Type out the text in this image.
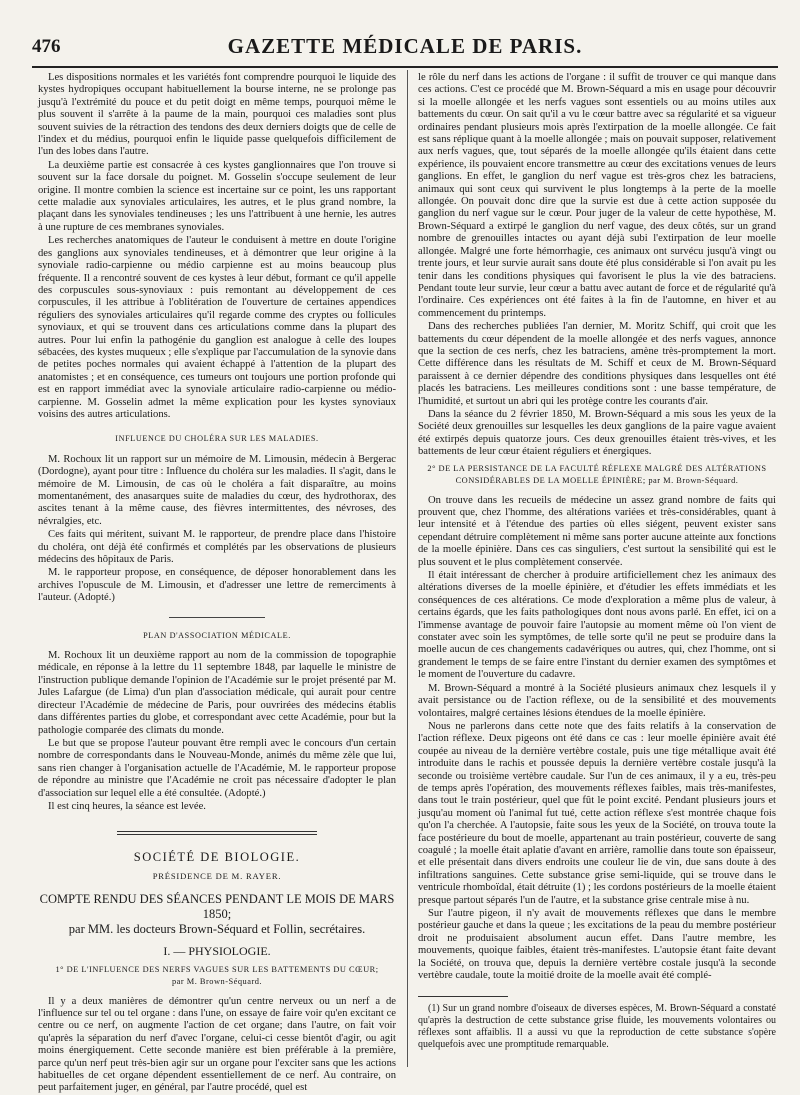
476	GAZETTE MÉDICALE DE PARIS.

Les dispositions normales et les variétés font comprendre pourquoi le liquide des kystes hydropiques occupant habituellement la bourse interne, ne se prolonge pas jusqu'à l'extrémité du pouce et du petit doigt en même temps, pourquoi même le plus souvent il s'arrête à la paume de la main, pourquoi ces maladies sont plus souvent suivies de la rétraction des tendons des deux derniers doigts que de celle de l'index et du médius, pourquoi enfin le liquide passe quelquefois difficilement de l'un des lobes dans l'autre.

La deuxième partie est consacrée à ces kystes ganglionnaires que l'on trouve si souvent sur la face dorsale du poignet. M. Gosselin s'occupe seulement de leur origine. Il montre combien la science est incertaine sur ce point, les uns rapportant cette maladie aux synoviales articulaires, les autres, et le plus grand nombre, la plaçant dans les synoviales tendineuses ; les uns l'attribuent à une hernie, les autres à une rupture de ces membranes synoviales.

Les recherches anatomiques de l'auteur le conduisent à mettre en doute l'origine des ganglions aux synoviales tendineuses, et à démontrer que leur origine à la synoviale radio-carpienne ou médio carpienne est au moins beaucoup plus fréquente. Il a rencontré souvent de ces kystes à leur début, formant ce qu'il appelle des corpuscules sous-synoviaux : puis remontant au développement de ces corpuscules, il les attribue à l'oblitération de l'ouverture de certaines appendices réguliers des synoviales articulaires qu'il regarde comme des cryptes ou follicules synoviaux, et qui se trouvent dans ces articulations comme dans la plupart des autres. Pour lui enfin la pathogénie du ganglion est analogue à celle des loupes sébacées, des kystes muqueux ; elle s'explique par l'accumulation de la synovie dans de petites poches normales qui avaient échappé à l'attention de la plupart des anatomistes ; et en conséquence, ces tumeurs ont toujours une portion profonde qui est en rapport immédiat avec la synoviale articulaire radio-carpienne ou médio-carpienne. M. Gosselin admet la même explication pour les kystes synoviaux voisins des autres articulations.

INFLUENCE DU CHOLÉRA SUR LES MALADIES.

M. Rochoux lit un rapport sur un mémoire de M. Limousin, médecin à Bergerac (Dordogne), ayant pour titre : Influence du choléra sur les maladies. Il s'agit, dans le mémoire de M. Limousin, de cas où le choléra a fait disparaître, au moins momentanément, des anasarques suite de maladies du cœur, des hydrothorax, des ascites tenant à la même cause, des fièvres intermittentes, des névroses, des névralgies, etc.

Ces faits qui méritent, suivant M. le rapporteur, de prendre place dans l'histoire du choléra, ont déjà été confirmés et complétés par les observations de plusieurs médecins des hôpitaux de Paris.

M. le rapporteur propose, en conséquence, de déposer honorablement dans les archives l'opuscule de M. Limousin, et d'adresser une lettre de remerciments à l'auteur. (Adopté.)

PLAN D'ASSOCIATION MÉDICALE.

M. Rochoux lit un deuxième rapport au nom de la commission de topographie médicale, en réponse à la lettre du 11 septembre 1848, par laquelle le ministre de l'instruction publique demande l'opinion de l'Académie sur le projet présenté par M. Jules Lafargue (de Lima) d'un plan d'association médicale, qui aurait pour centre directeur l'Académie de médecine de Paris, pour ouvrirées des médecins établis dans différentes parties du globe, et correspondant avec cette Académie, pour but la pathologie comparée des climats du monde.

Le but que se propose l'auteur pouvant être rempli avec le concours d'un certain nombre de correspondants dans le Nouveau-Monde, animés du même zèle que lui, sans rien changer à l'organisation actuelle de l'Académie, M. le rapporteur propose de répondre au ministre que l'Académie ne croit pas nécessaire d'adopter le plan d'association sur lequel elle a été consultée. (Adopté.)

Il est cinq heures, la séance est levée.

SOCIÉTÉ DE BIOLOGIE.
PRÉSIDENCE DE M. RAYER.
COMPTE RENDU DES SÉANCES PENDANT LE MOIS DE MARS 1850;
par MM. les docteurs Brown-Séquard et Follin, secrétaires.
I. — PHYSIOLOGIE.
1° DE L'INFLUENCE DES NERFS VAGUES SUR LES BATTEMENTS DU CŒUR;
par M. Brown-Séquard.

Il y a deux manières de démontrer qu'un centre nerveux ou un nerf a de l'influence sur tel ou tel organe : dans l'une, on essaye de faire voir qu'en excitant ce centre ou ce nerf, on augmente l'action de cet organe; dans l'autre, on fait voir qu'après la séparation du nerf d'avec l'organe, celui-ci cesse bientôt d'agir, ou agit moins énergiquement. Cette seconde manière est bien préférable à la première, parce qu'un nerf peut très-bien agir sur un organe pour l'exciter sans que les actions habituelles de cet organe dépendent essentiellement de ce nerf. Au contraire, on peut parfaitement juger, en général, par l'autre procédé, quel est

le rôle du nerf dans les actions de l'organe : il suffit de trouver ce qui manque dans ces actions. C'est ce procédé que M. Brown-Séquard a mis en usage pour découvrir si la moelle allongée et les nerfs vagues sont essentiels ou au moins utiles aux battements du cœur. On sait qu'il a vu le cœur battre avec sa régularité et sa vigueur ordinaires pendant plusieurs mois après l'extirpation de la moelle allongée. Ce fait est sans réplique quant à la moelle allongée ; mais on pouvait supposer, relativement aux nerfs vagues, que, tout séparés de la moelle allongée qu'ils étaient dans cette expérience, ils pouvaient encore transmettre au cœur des excitations venues de leurs ganglions. En effet, le ganglion du nerf vague est très-gros chez les batraciens, animaux qui sont ceux qui survivent le plus longtemps à la perte de la moelle allongée. On pouvait donc dire que la survie est due à cette action supposée du ganglion du nerf vague sur le cœur. Pour juger de la valeur de cette hypothèse, M. Brown-Séquard a extirpé le ganglion du nerf vague, des deux côtés, sur un grand nombre de grenouilles intactes ou ayant déjà subi l'extirpation de leur moelle allongée. Malgré une forte hémorrhagie, ces animaux ont survécu jusqu'à vingt ou trente jours, et leur survie aurait sans doute été plus considérable si l'on avait pu les tenir dans les conditions physiques qui favorisent le plus la vie des batraciens. Pendant toute leur survie, leur cœur a battu avec autant de force et de régularité qu'à l'ordinaire. Ces expériences ont été faites à la fin de l'automne, en hiver et au commencement du printemps.

Dans des recherches publiées l'an dernier, M. Moritz Schiff, qui croit que les battements du cœur dépendent de la moelle allongée et des nerfs vagues, annonce que la section de ces nerfs, chez les batraciens, amène très-promptement la mort. Cette différence dans les résultats de M. Schiff et ceux de M. Brown-Séquard paraissent à ce dernier dépendre des conditions physiques dans lesquelles ont été placés les batraciens. Les meilleures conditions sont : une basse température, de l'humidité, et surtout un abri qui les protège contre les courants d'air.

Dans la séance du 2 février 1850, M. Brown-Séquard a mis sous les yeux de la Société deux grenouilles sur lesquelles les deux ganglions de la paire vague avaient été extirpés depuis quatorze jours. Ces deux grenouilles étaient très-vives, et les battements de leur cœur étaient réguliers et énergiques.

2° DE LA PERSISTANCE DE LA FACULTÉ RÉFLEXE MALGRÉ DES ALTÉRATIONS
CONSIDÉRABLES DE LA MOELLE ÉPINIÈRE; par M. Brown-Séquard.

On trouve dans les recueils de médecine un assez grand nombre de faits qui prouvent que, chez l'homme, des altérations variées et très-considérables, quant à leur intensité et à l'étendue des parties où elles siégent, peuvent exister sans cependant détruire complètement ni même sans porter aucune atteinte aux fonctions de la moelle épinière. Dans ces cas singuliers, c'est surtout la sensibilité qui est le plus souvent et le plus complètement conservée.

Il était intéressant de chercher à produire artificiellement chez les animaux des altérations diverses de la moelle épinière, et d'étudier les effets immédiats et les conséquences de ces altérations. Ce mode d'exploration a même plus de valeur, à certains égards, que les faits pathologiques dont nous avons parlé. En effet, ici on a l'immense avantage de pouvoir faire l'autopsie au moment même où l'on vient de constater avec soin les symptômes, de telle sorte qu'il ne peut se produire dans la moelle aucun de ces changements cadavériques ou autres, qui, chez l'homme, ont si grandement le temps de se faire entre l'instant du dernier examen des symptômes et le moment de l'ouverture du cadavre.

M. Brown-Séquard a montré à la Société plusieurs animaux chez lesquels il y avait persistance ou de l'action réflexe, ou de la sensibilité et des mouvements volontaires, malgré certaines lésions étendues de la moelle épinière.

Nous ne parlerons dans cette note que des faits relatifs à la conservation de l'action réflexe. Deux pigeons ont été dans ce cas : leur moelle épinière avait été coupée au niveau de la dernière vertèbre costale, puis une tige métallique avait été introduite dans le rachis et poussée depuis la dernière vertèbre costale jusqu'à la seconde ou troisième vertèbre caudale. Sur l'un de ces animaux, il y a eu, très-peu de temps après l'opération, des mouvements réflexes faibles, mais très-manifestes, dans tout le train postérieur, quel que fût le point excité. Pendant plusieurs jours et jusqu'au moment où l'animal fut tué, cette action réflexe s'est montrée chaque fois qu'on l'a cherchée. A l'autopsie, faite sous les yeux de la Société, on trouva toute la face postérieure du bout de moelle, appartenant au train postérieur, couverte de sang coagulé ; la moelle était aplatie d'avant en arrière, ramollie dans toute son épaisseur, et elle présentait dans divers endroits une couleur lie de vin, due sans doute à des infiltrations sanguines. Cette substance grise semi-liquide, qui se trouve dans le ventricule rhomboïdal, était détruite (1) ; les cordons postérieurs de la moelle étaient presque partout séparés l'un de l'autre, et la substance grise centrale mise à nu.

Sur l'autre pigeon, il n'y avait de mouvements réflexes que dans le membre postérieur gauche et dans la queue ; les excitations de la peau du membre postérieur droit ne produisaient absolument aucun effet. Dans l'autre membre, les mouvements, quoique faibles, étaient très-manifestes. L'autopsie étant faite devant la Société, on trouva que, depuis la dernière vertèbre costale jusqu'à la seconde vertèbre caudale, toute la moitié droite de la moelle avait été complé-

(1) Sur un grand nombre d'oiseaux de diverses espèces, M. Brown-Séquard a constaté qu'après la destruction de cette substance grise fluide, les mouvements volontaires ou réflexes sont affaiblis. Il a aussi vu que la reproduction de cette substance s'opère quelquefois avec une promptitude remarquable.
